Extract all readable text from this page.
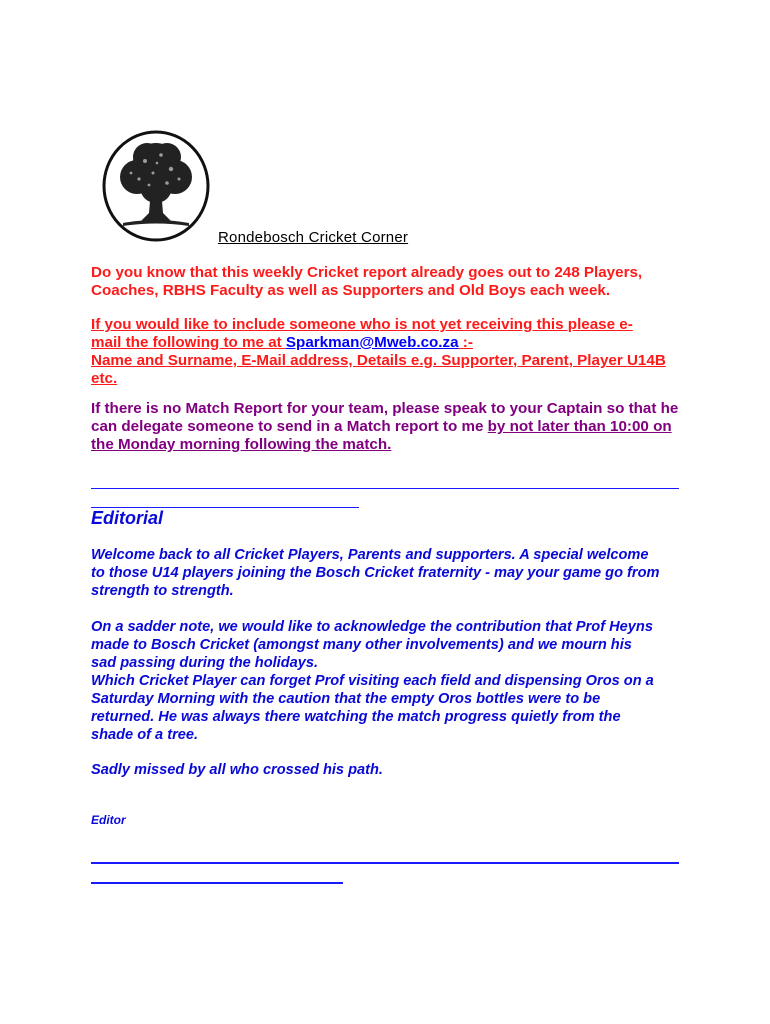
Rondebosch Cricket Corner
Do you know that this weekly Cricket report already goes out to 248 Players,
Coaches, RBHS Faculty as well as Supporters and Old Boys each week.
If you would like to include someone who is not yet receiving this please e-
mail the following to me at Sparkman@Mweb.co.za :-
Name and Surname, E-Mail address, Details e.g. Supporter, Parent, Player U14B
etc.
If there is no Match Report for your team, please speak to your Captain so that he
can delegate someone to send in a Match report to me by not later than 10:00 on
the Monday morning following the match.
Editorial
Welcome back to all Cricket Players, Parents and supporters. A special welcome
to those U14 players joining the Bosch Cricket fraternity - may your game go from
strength to strength.
On a sadder note, we would like to acknowledge the contribution that Prof Heyns
made to Bosch Cricket (amongst many other involvements) and we mourn his
sad passing during the holidays.
Which Cricket Player can forget Prof visiting each field and dispensing Oros on a
Saturday Morning with the caution that the empty Oros bottles were to be
returned. He was always there watching the match progress quietly from the
shade of a tree.
Sadly missed by all who crossed his path.
Editor
